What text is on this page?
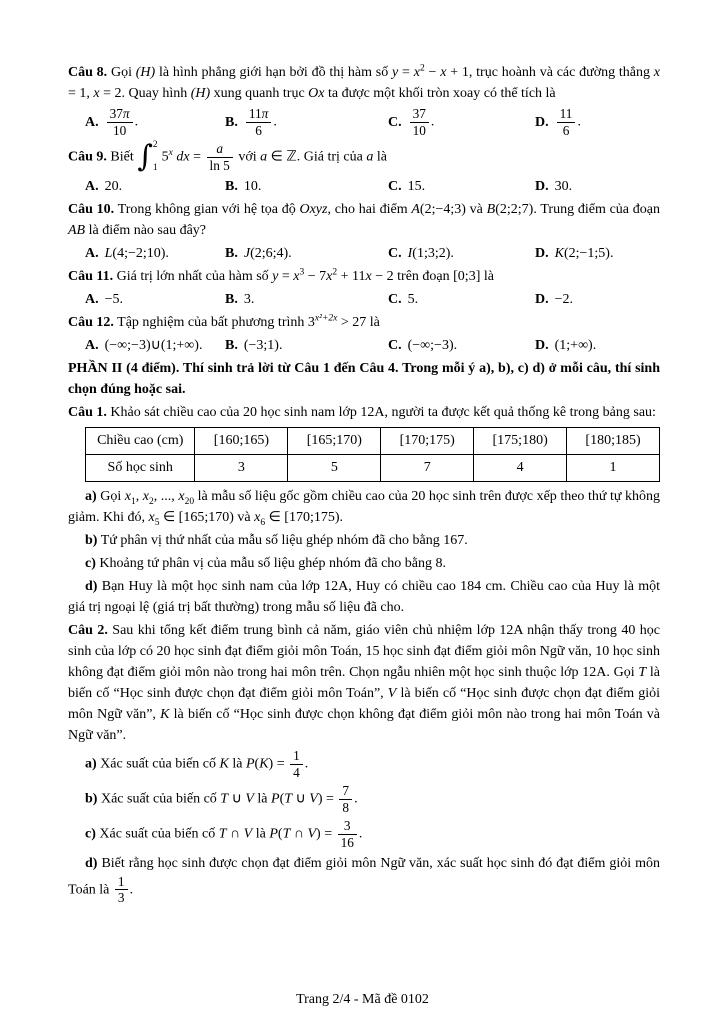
Câu 8. Gọi (H) là hình phẳng giới hạn bởi đồ thị hàm số $y = x^2 - x + 1$, trục hoành và các đường thẳng x = 1, x = 2. Quay hình (H) xung quanh trục Ox ta được một khối tròn xoay có thể tích là

A. $\frac{37\pi}{10}$ .	B. $\frac{11\pi}{6}$ .	C. $\frac{37}{10}$ .	D. $\frac{11}{6}$ .

Câu 9. Biết ∫ 2
1
5$^x$ dx = $\frac{a}{\ln 5}$ với a ∈ ℤ. Giá trị của a là

A. 20.	B. 10.	C. 15.	D. 30.

Câu 10. Trong không gian với hệ tọa độ Oxyz, cho hai điểm A(2;−4;3) và B(2;2;7). Trung điểm của đoạn AB là điểm nào sau đây?

A. L(4;−2;10).	B. J(2;6;4).	C. I(1;3;2).	D. K(2;−1;5).

Câu 11. Giá trị lớn nhất của hàm số $y = x^3 - 7x^2 + 11x - 2$ trên đoạn [0;3] là

A. −5.	B. 3.	C. 5.	D. −2.

Câu 12. Tập nghiệm của bất phương trình $3^{x^2+2x} > 27$ là

A. (−∞;−3)∪(1;+∞). B. (−3;1).	C. (−∞;−3).	D. (1;+∞).

PHẦN II (4 điểm). Thí sinh trả lời từ Câu 1 đến Câu 4. Trong mỗi ý a), b), c) d) ở mỗi câu, thí sinh chọn đúng hoặc sai.

Câu 1. Khảo sát chiều cao của 20 học sinh nam lớp 12A, người ta được kết quả thống kê trong bảng sau:

Chiều cao (cm)	[160;165)	[165;170)	[170;175)	[175;180)	[180;185)
Số học sinh	3	5	7	4	1

a) Gọi $x_1$, $x_2$, ..., $x_{20}$ là mẫu số liệu gốc gồm chiều cao của 20 học sinh trên được xếp theo thứ tự không giảm. Khi đó, $x_5$ ∈ [165;170) và $x_6$ ∈ [170;175).

b) Tứ phân vị thứ nhất của mẫu số liệu ghép nhóm đã cho bằng 167.

c) Khoảng tứ phân vị của mẫu số liệu ghép nhóm đã cho bằng 8.

d) Bạn Huy là một học sinh nam của lớp 12A, Huy có chiều cao 184 cm. Chiều cao của Huy là một giá trị ngoại lệ (giá trị bất thường) trong mẫu số liệu đã cho.

Câu 2. Sau khi tổng kết điểm trung bình cả năm, giáo viên chủ nhiệm lớp 12A nhận thấy trong 40 học sinh của lớp có 20 học sinh đạt điểm giỏi môn Toán, 15 học sinh đạt điểm giỏi môn Ngữ văn, 10 học sinh không đạt điểm giỏi môn nào trong hai môn trên. Chọn ngẫu nhiên một học sinh thuộc lớp 12A. Gọi T là biến cố “Học sinh được chọn đạt điểm giỏi môn Toán”, V là biến cố “Học sinh được chọn đạt điểm giỏi môn Ngữ văn”, K là biến cố “Học sinh được chọn không đạt điểm giỏi môn nào trong hai môn Toán và Ngữ văn”.

a) Xác suất của biến cố K là $P(K) = \frac{1}{4}$ .

b) Xác suất của biến cố T ∪ V là P(T ∪ $V) = \frac{7}{8}$ .

c) Xác suất của biến cố T ∩ V là P(T ∩ $V) = \frac{3}{16}$ .

d) Biết rằng học sinh được chọn đạt điểm giỏi môn Ngữ văn, xác suất học sinh đó đạt điểm giỏi môn Toán là $\frac{1}{3}$ .

Trang 2/4 - Mã đề 0102
